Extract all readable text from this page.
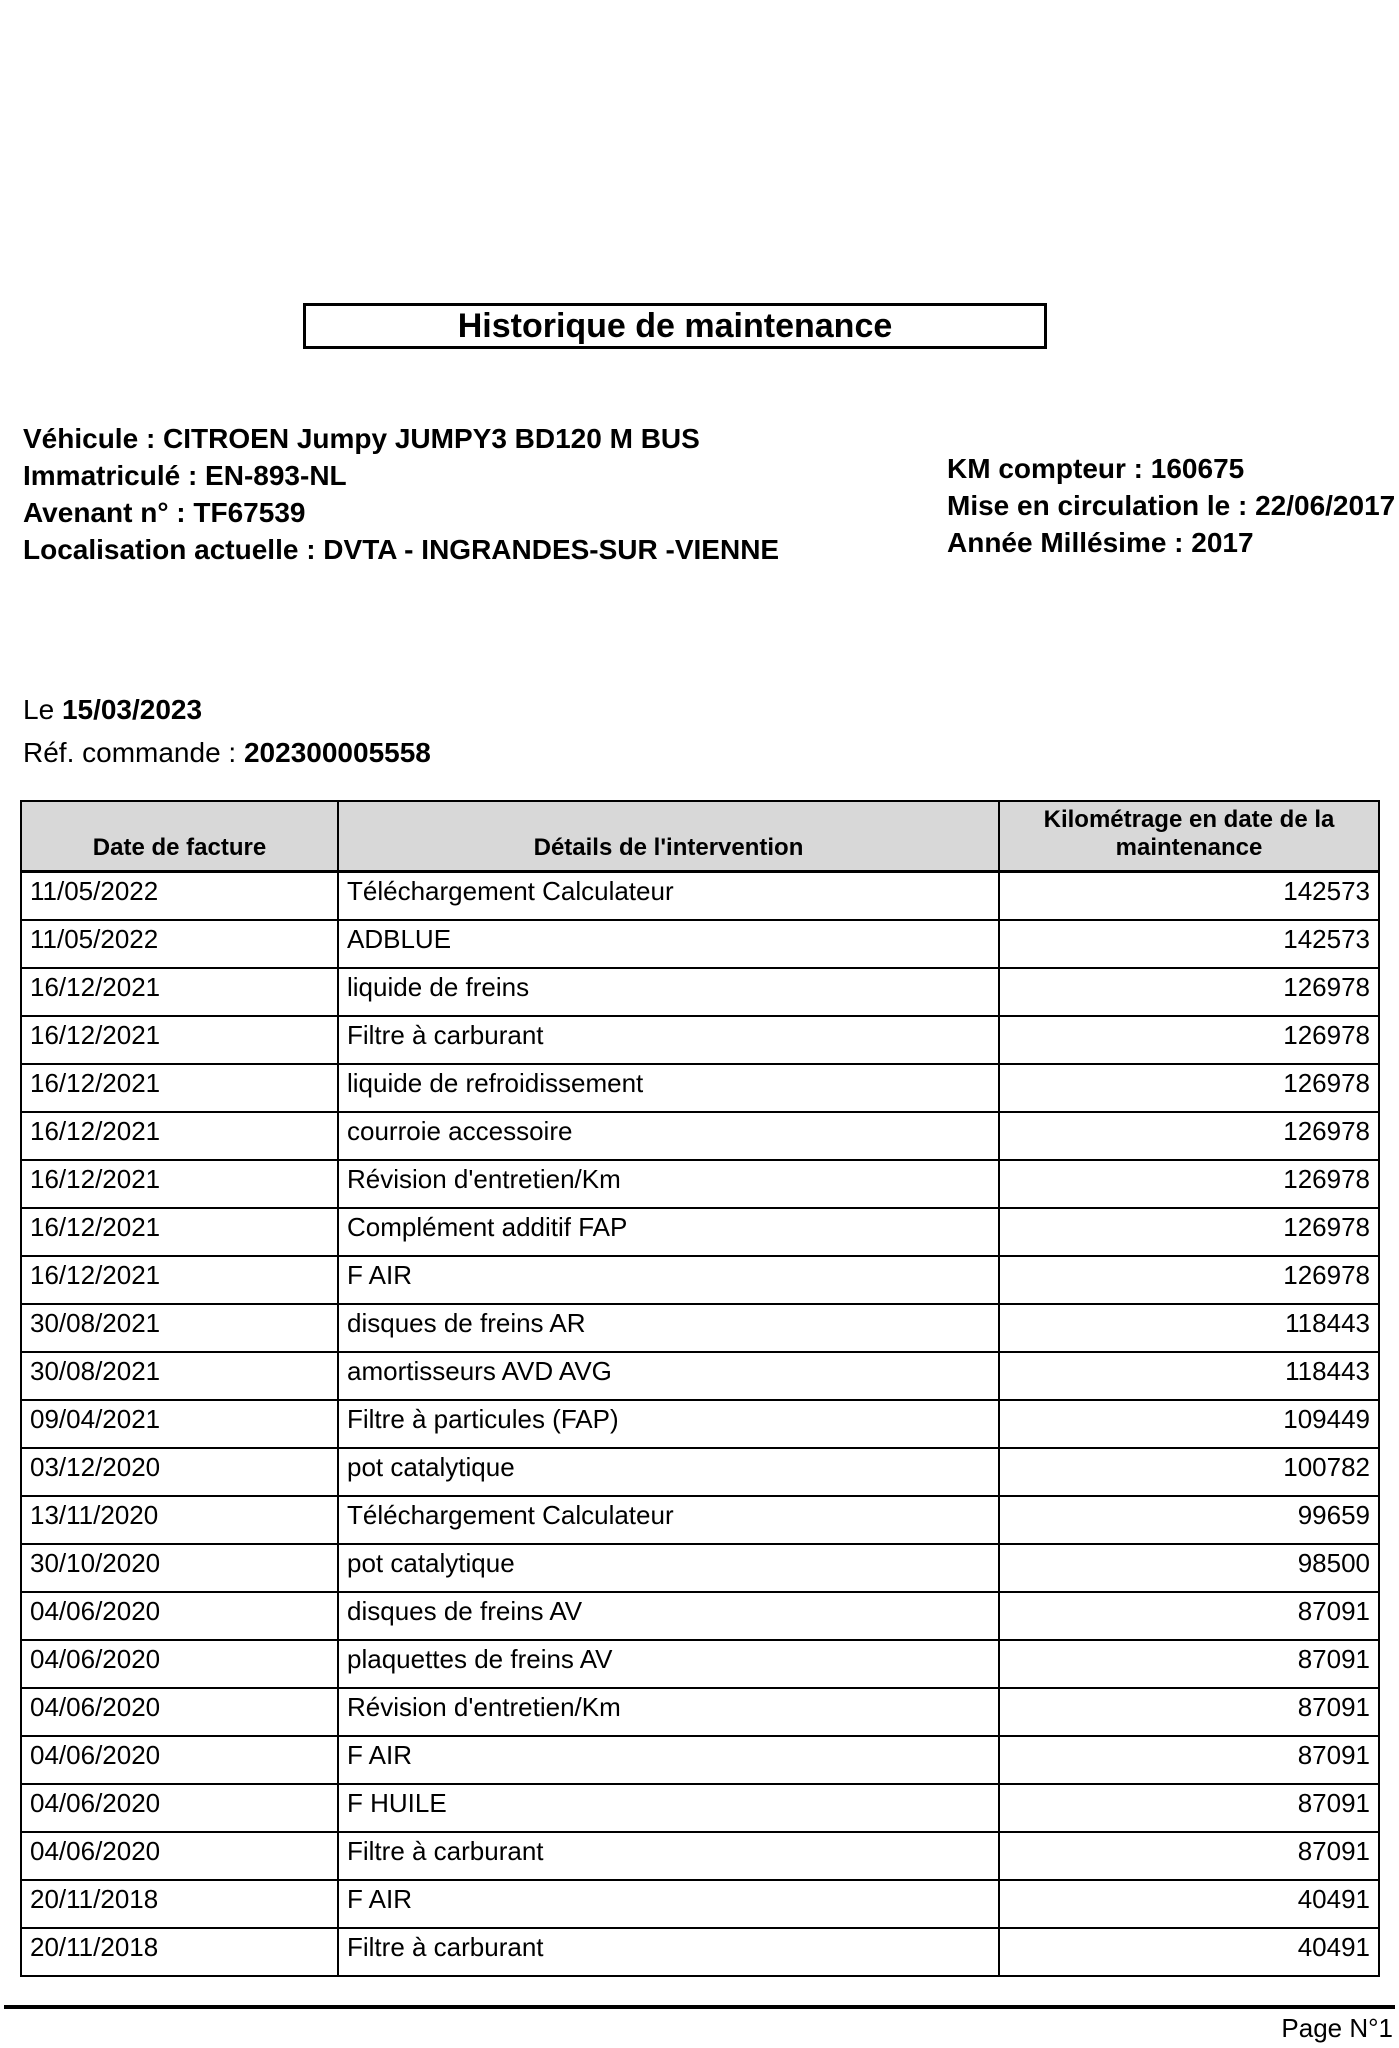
Historique de maintenance
Véhicule : CITROEN Jumpy JUMPY3 BD120 M BUS
Immatriculé : EN-893-NL
Avenant n° : TF67539
Localisation actuelle : DVTA - INGRANDES-SUR -VIENNE
KM compteur : 160675
Mise en circulation le : 22/06/2017
Année Millésime : 2017
Le 15/03/2023
Réf. commande : 202300005558
Date de facture	Détails de l'intervention	Kilométrage en date de la maintenance
11/05/2022	Téléchargement Calculateur	142573
11/05/2022	ADBLUE	142573
16/12/2021	liquide de freins	126978
16/12/2021	Filtre à carburant	126978
16/12/2021	liquide de refroidissement	126978
16/12/2021	courroie accessoire	126978
16/12/2021	Révision d'entretien/Km	126978
16/12/2021	Complément additif FAP	126978
16/12/2021	F AIR	126978
30/08/2021	disques de freins AR	118443
30/08/2021	amortisseurs AVD AVG	118443
09/04/2021	Filtre à particules (FAP)	109449
03/12/2020	pot catalytique	100782
13/11/2020	Téléchargement Calculateur	99659
30/10/2020	pot catalytique	98500
04/06/2020	disques de freins AV	87091
04/06/2020	plaquettes de freins AV	87091
04/06/2020	Révision d'entretien/Km	87091
04/06/2020	F AIR	87091
04/06/2020	F HUILE	87091
04/06/2020	Filtre à carburant	87091
20/11/2018	F AIR	40491
20/11/2018	Filtre à carburant	40491
Page N°1
